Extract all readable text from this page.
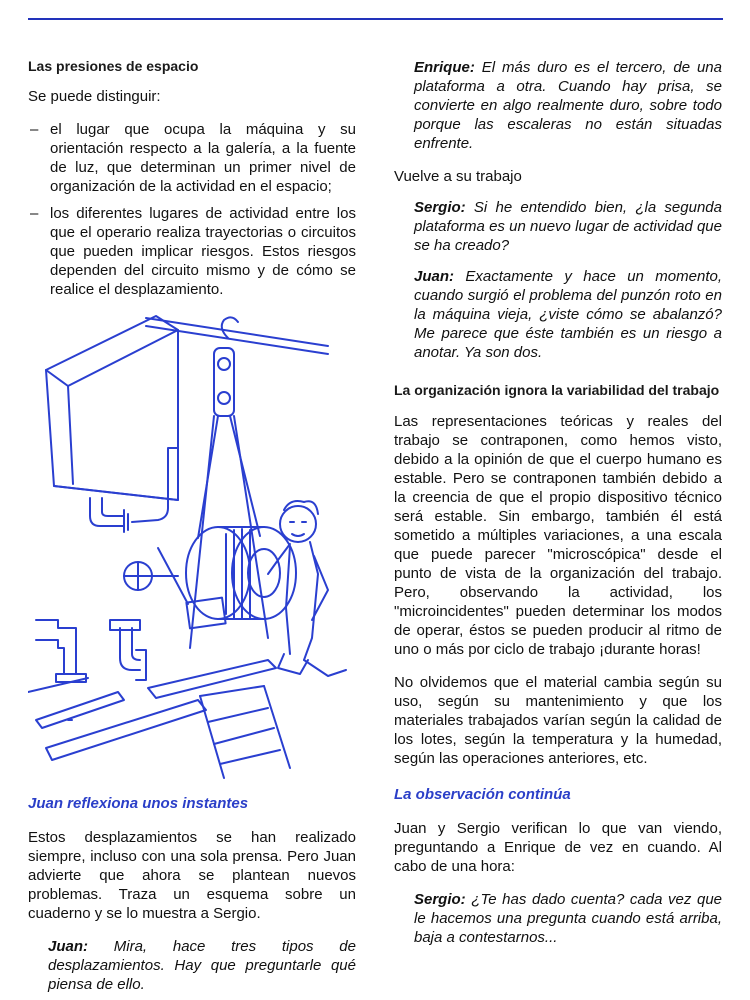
Las presiones de espacio

Se puede distinguir:

– el lugar que ocupa la máquina y su orientación respecto a la galería, a la fuente de luz, que determinan un primer nivel de organización de la actividad en el espacio;
– los diferentes lugares de actividad entre los que el operario realiza trayectorias o circuitos que pueden implicar riesgos. Estos riesgos dependen del circuito mismo y de cómo se realice el desplazamiento.
Juan reflexiona unos instantes

Estos desplazamientos se han realizado siempre, incluso con una sola prensa. Pero Juan advierte que ahora se plantean nuevos problemas. Traza un esquema sobre un cuaderno y se lo muestra a Sergio.

Juan: Mira, hace tres tipos de desplazamientos. Hay que preguntarle qué piensa de ello.

Enrique: El más duro es el tercero, de una plataforma a otra. Cuando hay prisa, se convierte en algo realmente duro, sobre todo porque las escaleras no están situadas enfrente.

Vuelve a su trabajo

Sergio: Si he entendido bien, ¿la segunda plataforma es un nuevo lugar de actividad que se ha creado?

Juan: Exactamente y hace un momento, cuando surgió el problema del punzón roto en la máquina vieja, ¿viste cómo se abalanzó? Me parece que éste también es un riesgo a anotar. Ya son dos.

La organización ignora la variabilidad del trabajo

Las representaciones teóricas y reales del trabajo se contraponen, como hemos visto, debido a la opinión de que el cuerpo humano es estable. Pero se contraponen también debido a la creencia de que el propio dispositivo técnico será estable. Sin embargo, también él está sometido a múltiples variaciones, a una escala que puede parecer "microscópica" desde el punto de vista de la organización del trabajo. Pero, observando la actividad, los "microincidentes" pueden determinar los modos de operar, éstos se pueden producir al ritmo de uno o más por ciclo de trabajo ¡durante horas!

No olvidemos que el material cambia según su uso, según su mantenimiento y que los materiales trabajados varían según la calidad de los lotes, según la temperatura y la humedad, según las operaciones anteriores, etc.

La observación continúa

Juan y Sergio verifican lo que van viendo, preguntando a Enrique de vez en cuando. Al cabo de una hora:

Sergio: ¿Te has dado cuenta? cada vez que le hacemos una pregunta cuando está arriba, baja a contestarnos...
